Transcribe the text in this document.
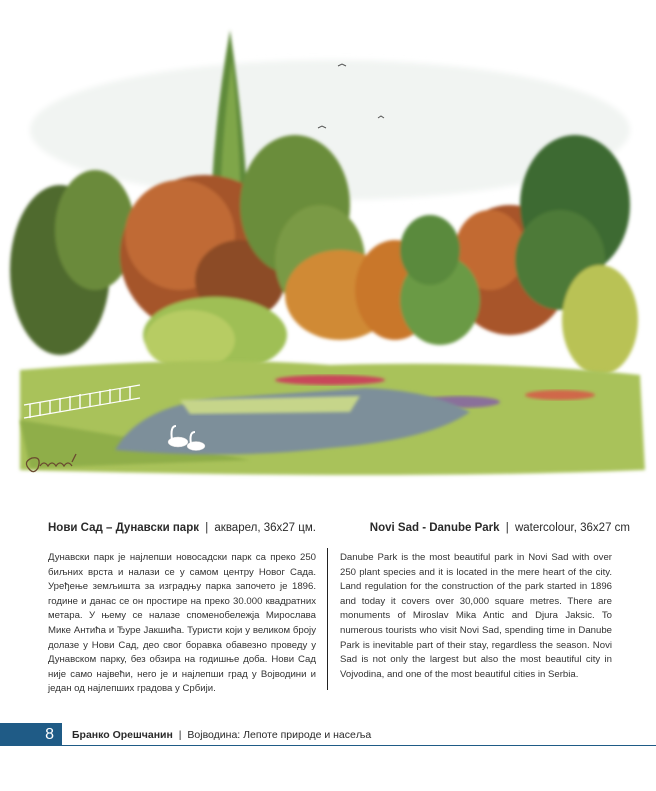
Нови Сад – Дунавски парк | акварел, 36x27 цм.	Novi Sad - Danube Park | watercolour, 36x27 cm
Дунавски парк је најлепши новосадски парк са преко 250 биљних врста и налази се у самом центру Новог Сада. Уређење земљишта за изградњу парка започето је 1896. године и данас се он простире на преко 30.000 квадратних метара. У њему се налазе споменобележја Мирослава Мике Антића и Ђуре Јакшића. Туристи који у великом броју долазе у Нови Сад, део свог боравка обавезно проведу у Дунавском парку, без обзира на годишње доба. Нови Сад није само највећи, него је и најлепши град у Војводини и један од најлепших градова у Србији.
Danube Park is the most beautiful park in Novi Sad with over 250 plant species and it is located in the mere heart of the city. Land regulation for the construction of the park started in 1896 and today it covers over 30,000 square metres. There are monuments of Miroslav Mika Antic and Djura Jaksic. To numerous tourists who visit Novi Sad, spending time in Danube Park is inevitable part of their stay, regardless the season. Novi Sad is not only the largest but also the most beautiful city in Vojvodina, and one of the most beautiful cities in Serbia.
8	Бранко Орешчанин | Војводина: Лепоте природе и насеља
